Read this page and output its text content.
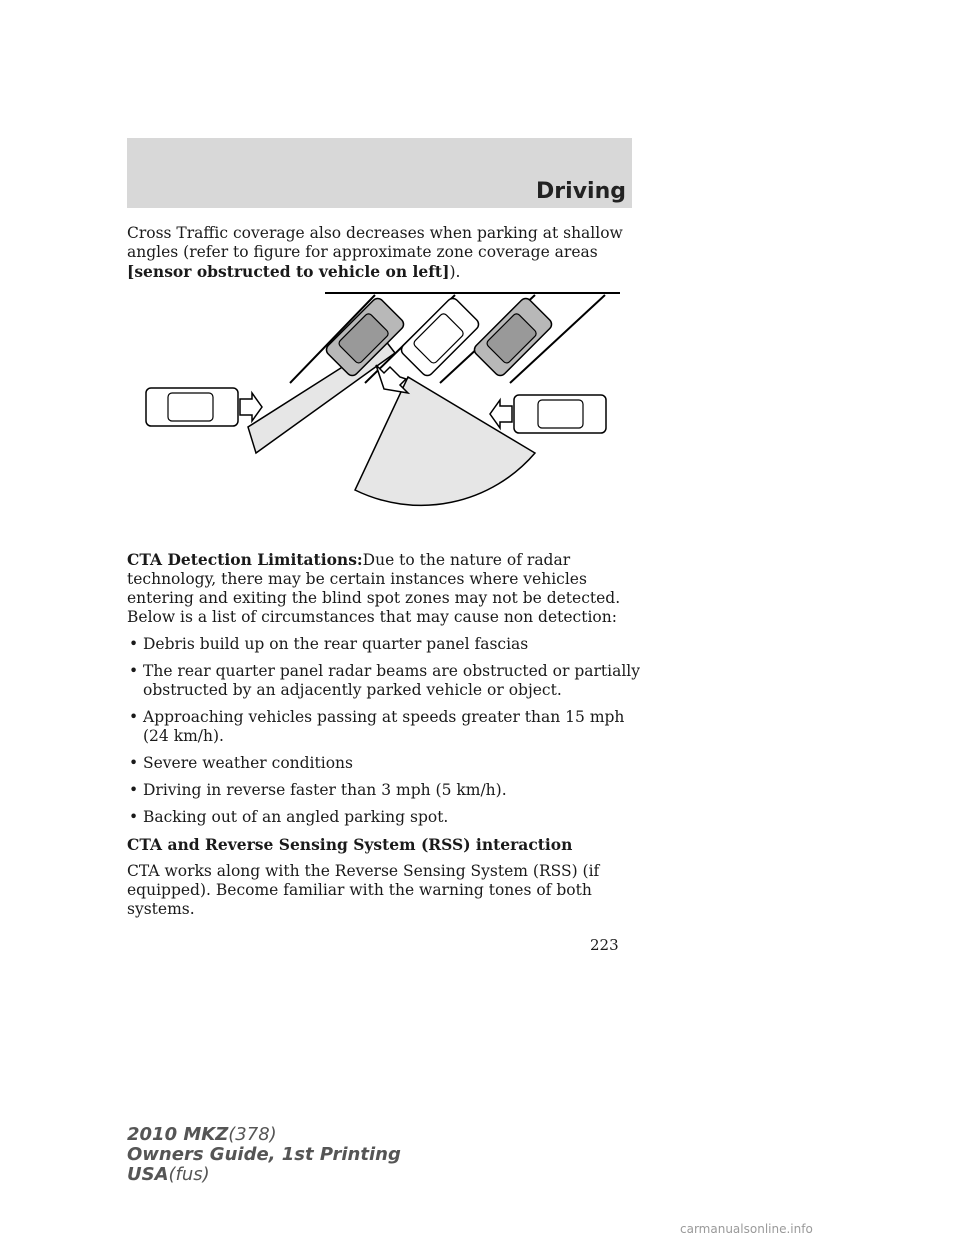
Driving
Cross Traffic coverage also decreases when parking at shallow angles (refer to figure for approximate zone coverage areas [sensor obstructed to vehicle on left]).

CTA Detection Limitations:Due to the nature of radar technology, there may be certain instances where vehicles entering and exiting the blind spot zones may not be detected. Below is a list of circumstances that may cause non detection:

• Debris build up on the rear quarter panel fascias
• The rear quarter panel radar beams are obstructed or partially obstructed by an adjacently parked vehicle or object.
• Approaching vehicles passing at speeds greater than 15 mph (24 km/h).
• Severe weather conditions
• Driving in reverse faster than 3 mph (5 km/h).
• Backing out of an angled parking spot.

CTA and Reverse Sensing System (RSS) interaction

CTA works along with the Reverse Sensing System (RSS) (if equipped). Become familiar with the warning tones of both systems.

223
2010 MKZ(378)
Owners Guide, 1st Printing
USA(fus)
carmanualsonline.info
